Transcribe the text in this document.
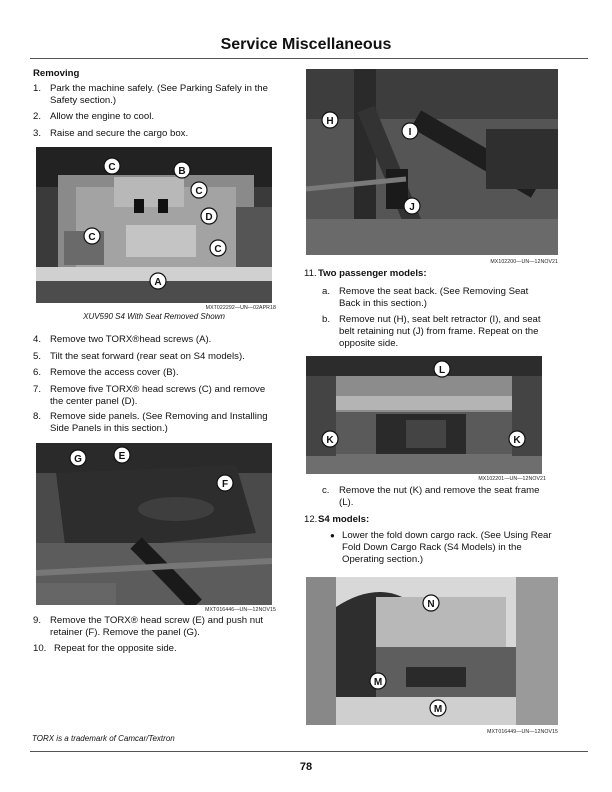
Service Miscellaneous
Removing
1. Park the machine safely. (See Parking Safely in the
Safety section.)
2. Allow the engine to cool.
3. Raise and secure the cargo box.
C	B
C
D
C
C
A
MXT022292—UN—02APR18
XUV590 S4 With Seat Removed Shown
4. Remove two TORX®head screws (A).
5. Tilt the seat forward (rear seat on S4 models).
6. Remove the access cover (B).
7. Remove five TORX® head screws (C) and remove
the center panel (D).
8. Remove side panels. (See Removing and Installing
Side Panels in this section.)
G	E
F
MXT016446—UN—12NOV15
9. Remove the TORX® head screw (E) and push nut
retainer (F). Remove the panel (G).
10. Repeat for the opposite side.
H
I
J
MX102200—UN—12NOV21
11. Two passenger models:
a. Remove the seat back. (See Removing Seat
Back in this section.)
b. Remove nut (H), seat belt retractor (I), and seat
belt retaining nut (J) from frame. Repeat on the
opposite side.
L
K	K
MX102201—UN—12NOV21
c. Remove the nut (K) and remove the seat frame
(L).
12. S4 models:
● Lower the fold down cargo rack. (See Using Rear
Fold Down Cargo Rack (S4 Models) in the
Operating section.)
N
M
M
MXT016449—UN—12NOV15
TORX is a trademark of Camcar/Textron
78
